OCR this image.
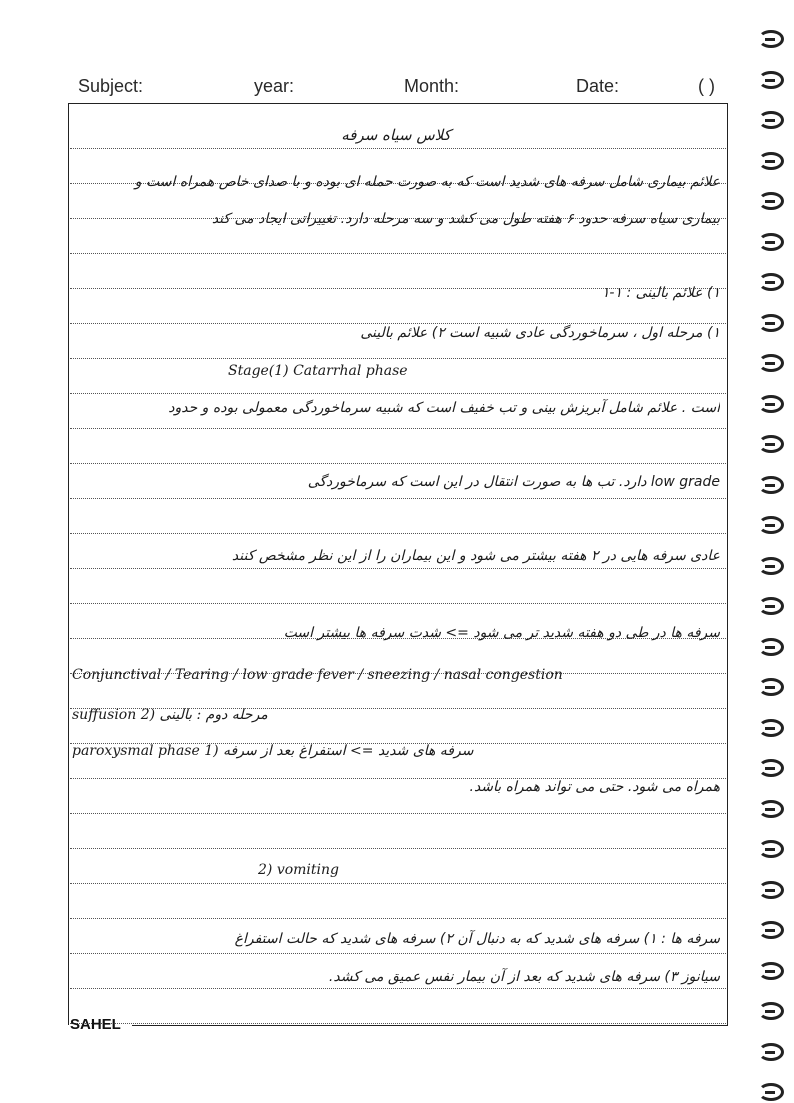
Subject:	year:	Month:	Date:	( )
کلاس سیاه سرفه
علائم بیماری شامل سرفه های شدید است که به صورت حمله ای بوده و با صدای خاص همراه است و
بیماری سیاه سرفه حدود ۶ هفته طول می کشد و سه مرحله دارد. تغییراتی ایجاد می کند
۱) علائم بالینی : ۱-۱
۱) مرحله اول ، سرماخوردگی عادی شبیه است ۲) علائم بالینی
Stage(1) Catarrhal phase
است . علائم شامل آبریزش بینی و تب خفیف است که شبیه سرماخوردگی معمولی بوده و حدود
low grade دارد. تب ها به صورت انتقال در این است که سرماخوردگی
عادی سرفه هایی در ۲ هفته بیشتر می شود و این بیماران را از این نظر مشخص کنند
سرفه ها در طی دو هفته شدید تر می شود => شدت سرفه ها بیشتر است
Conjunctival / Tearing / low grade fever / sneezing / nasal congestion
suffusion 2) مرحله دوم : بالینی
paroxysmal phase 1) سرفه های شدید => استفراغ بعد از سرفه
همراه می شود. حتی می تواند همراه باشد.
2) vomiting
سرفه ها : ۱) سرفه های شدید که به دنبال آن ۲) سرفه های شدید که حالت استفراغ
سیانوز ۳) سرفه های شدید که بعد از آن بیمار نفس عمیق می کشد.
SAHEL
